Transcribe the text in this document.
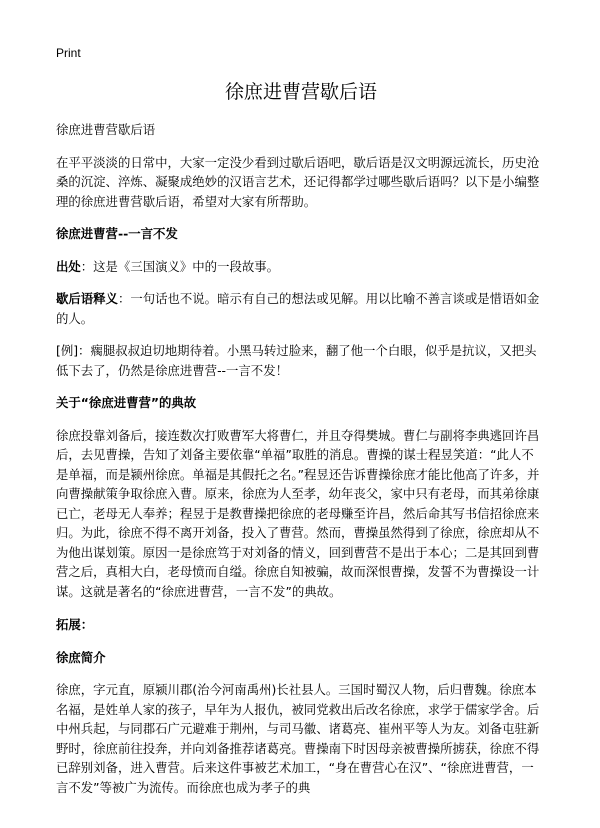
Print
徐庶进曹营歇后语

徐庶进曹营歇后语

在平平淡淡的日常中，大家一定没少看到过歇后语吧，歇后语是汉文明源远流长，历史沧桑的沉淀、淬炼、凝聚成绝妙的汉语言艺术，还记得都学过哪些歇后语吗？以下是小编整理的徐庶进曹营歇后语，希望对大家有所帮助。

徐庶进曹营--一言不发

出处：这是《三国演义》中的一段故事。

歇后语释义：一句话也不说。暗示有自己的想法或见解。用以比喻不善言谈或是惜语如金的人。

[例]：瘸腿叔叔迫切地期待着。小黑马转过脸来，翻了他一个白眼，似乎是抗议，又把头低下去了，仍然是徐庶进曹营--一言不发！

关于“徐庶进曹营”的典故

徐庶投靠刘备后，接连数次打败曹军大将曹仁，并且夺得樊城。曹仁与副将李典逃回许昌后，去见曹操，告知了刘备主要依靠“单福”取胜的消息。曹操的谋士程昱笑道：“此人不是单福，而是颍州徐庶。单福是其假托之名。”程昱还告诉曹操徐庶才能比他高了许多，并向曹操献策争取徐庶入曹。原来，徐庶为人至孝，幼年丧父，家中只有老母，而其弟徐康已亡，老母无人奉养；程昱于是教曹操把徐庶的老母赚至许昌，然后命其写书信招徐庶来归。为此，徐庶不得不离开刘备，投入了曹营。然而，曹操虽然得到了徐庶，徐庶却从不为他出谋划策。原因一是徐庶笃于对刘备的情义，回到曹营不是出于本心；二是其回到曹营之后，真相大白，老母愤而自缢。徐庶自知被骗，故而深恨曹操，发誓不为曹操设一计谋。这就是著名的“徐庶进曹营，一言不发”的典故。

拓展：

徐庶简介

徐庶，字元直，原颍川郡(治今河南禹州)长社县人。三国时蜀汉人物，后归曹魏。徐庶本名福，是姓单人家的孩子，早年为人报仇，被同党救出后改名徐庶，求学于儒家学舍。后中州兵起，与同郡石广元避难于荆州，与司马徽、诸葛亮、崔州平等人为友。刘备屯驻新野时，徐庶前往投奔，并向刘备推荐诸葛亮。曹操南下时因母亲被曹操所掳获，徐庶不得已辞别刘备，进入曹营。后来这件事被艺术加工，“身在曹营心在汉”、“徐庶进曹营，一言不发”等被广为流传。而徐庶也成为孝子的典
